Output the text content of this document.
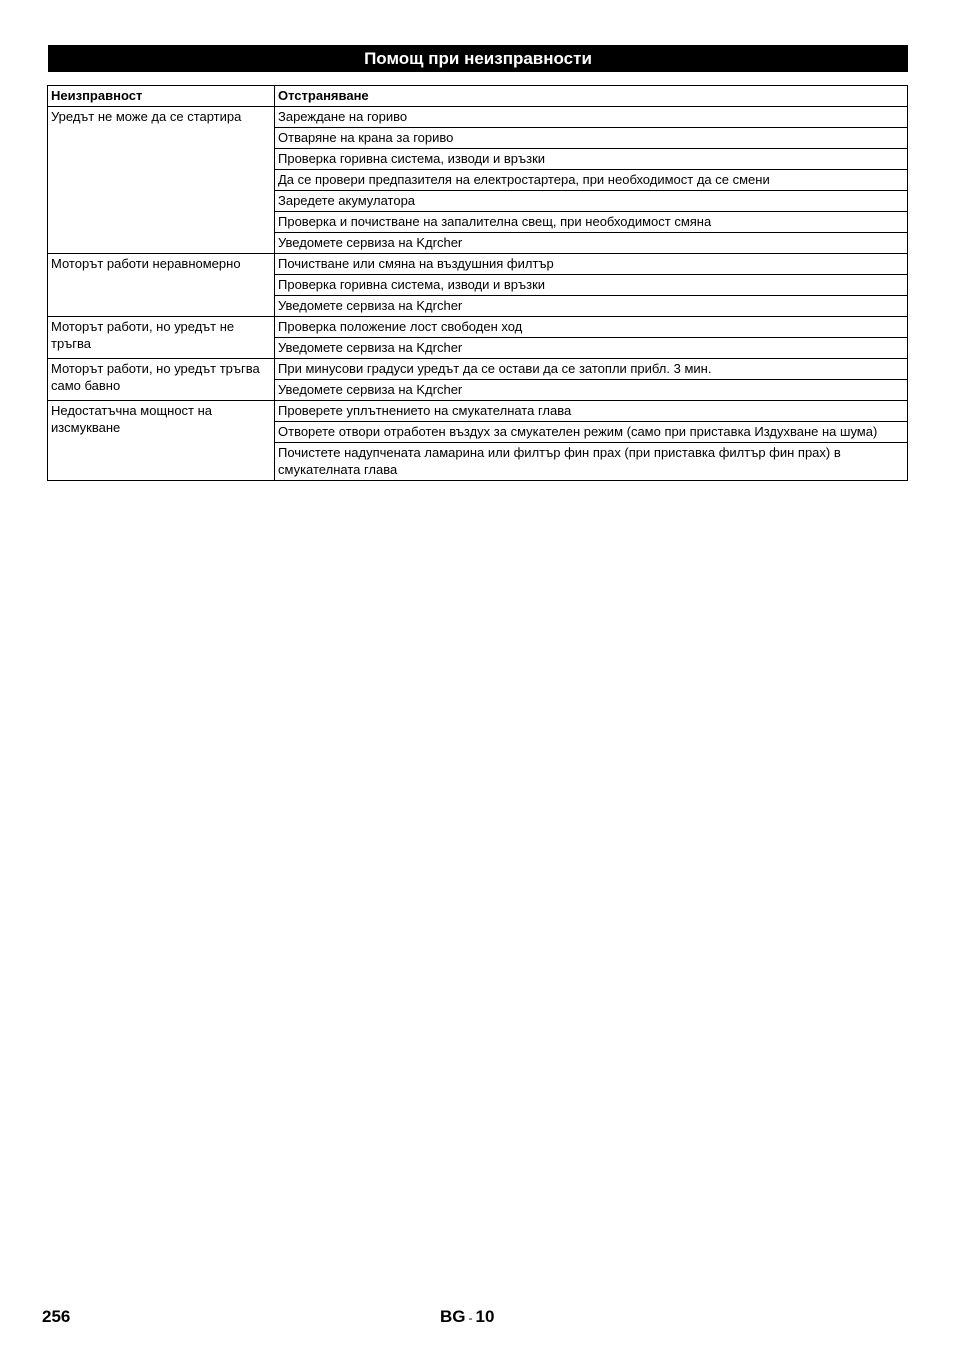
Помощ при неизправности
Неизправност	Отстраняване
Уредът не може да се стартира	Зареждане на гориво
	Отваряне на крана за гориво
	Проверка горивна система, изводи и връзки
	Да се провери предпазителя на електростартера, при необходимост да се смени
	Заредете акумулатора
	Проверка и почистване на запалителна свещ, при необходимост смяна
	Уведомете сервиза на Kдrcher
Моторът работи неравномерно	Почистване или смяна на въздушния филтър
	Проверка горивна система, изводи и връзки
	Уведомете сервиза на Kдrcher
Моторът работи, но уредът не тръгва	Проверка положение лост свободен ход
	Уведомете сервиза на Kдrcher
Моторът работи, но уредът тръгва само бавно	При минусови градуси уредът да се остави да се затопли прибл. 3 мин.
	Уведомете сервиза на Kдrcher
Недостатъчна мощност на изсмукване	Проверете уплътнението на смукателната глава
	Отворете отвори отработен въздух за смукателен режим (само при приставка Издухване на шума)
	Почистете надупчената ламарина или филтър фин прах (при приставка филтър фин прах) в смукателната глава
256	BG - 10
